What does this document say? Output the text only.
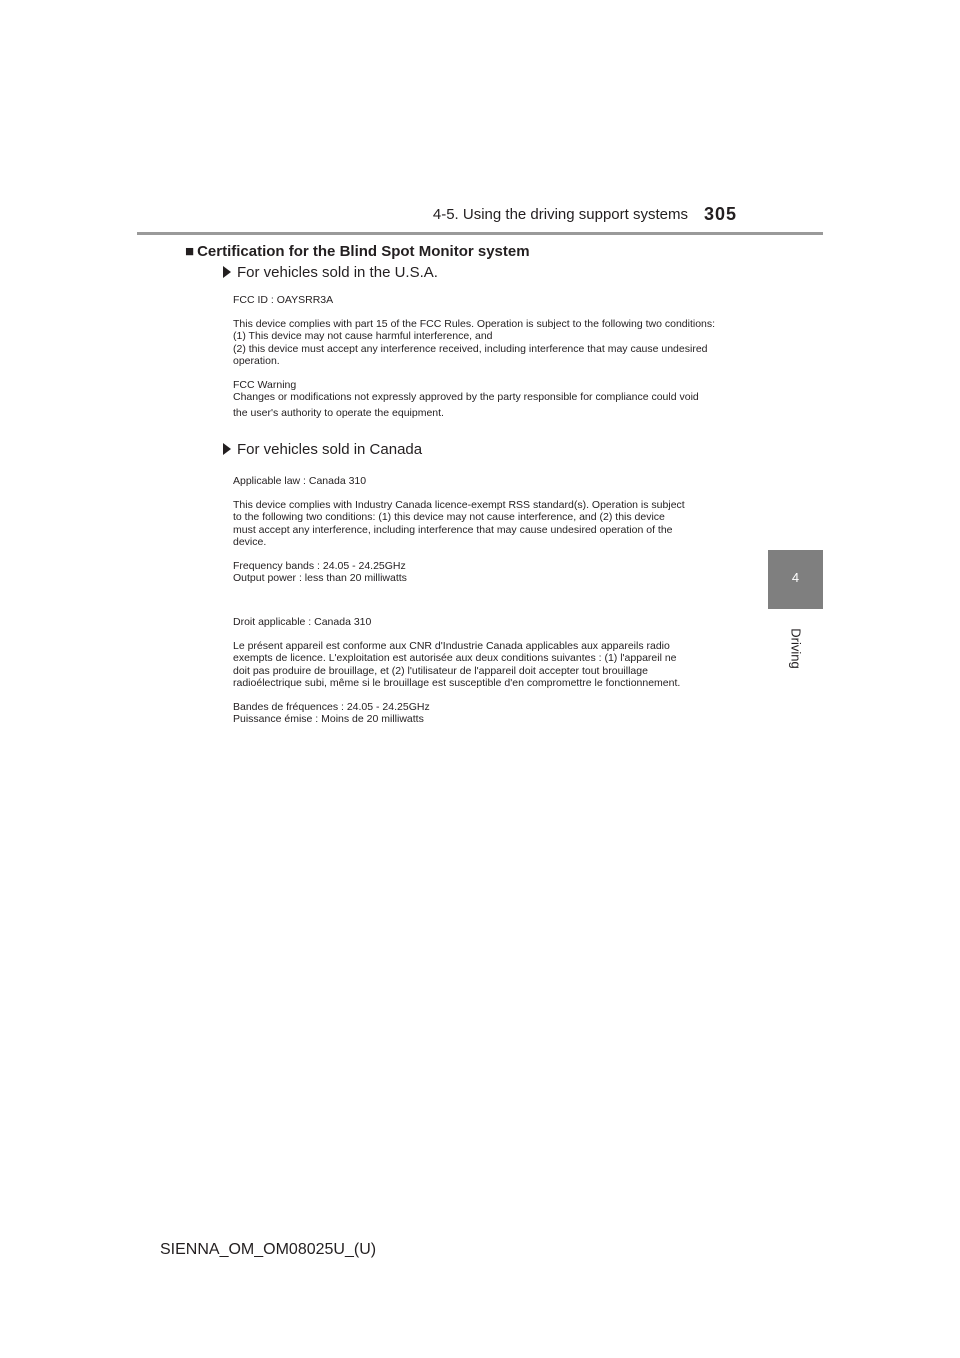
4-5. Using the driving support systems 305
4
Driving
■ Certification for the Blind Spot Monitor system
For vehicles sold in the U.S.A.

FCC ID : OAYSRR3A

This device complies with part 15 of the FCC Rules. Operation is subject to the following two conditions:

(1) This device may not cause harmful interference, and

(2) this device must accept any interference received, including interference that may cause undesired

operation.

FCC Warning

Changes or modifications not expressly approved by the party responsible for compliance could void

the user's authority to operate the equipment.

For vehicles sold in Canada

Applicable law : Canada 310

This device complies with Industry Canada licence-exempt RSS standard(s). Operation is subject

to the following two conditions: (1) this device may not cause interference, and (2) this device

must accept any interference, including interference that may cause undesired operation of the

device.

Frequency bands : 24.05 - 24.25GHz

Output power : less than 20 milliwatts

Droit applicable : Canada 310

Le présent appareil est conforme aux CNR d'Industrie Canada applicables aux appareils radio

exempts de licence. L'exploitation est autorisée aux deux conditions suivantes : (1) l'appareil ne

doit pas produire de brouillage, et (2) l'utilisateur de l'appareil doit accepter tout brouillage

radioélectrique subi, même si le brouillage est susceptible d'en compromettre le fonctionnement.

Bandes de fréquences : 24.05 - 24.25GHz

Puissance émise : Moins de 20 milliwatts

SIENNA_OM_OM08025U_(U)
